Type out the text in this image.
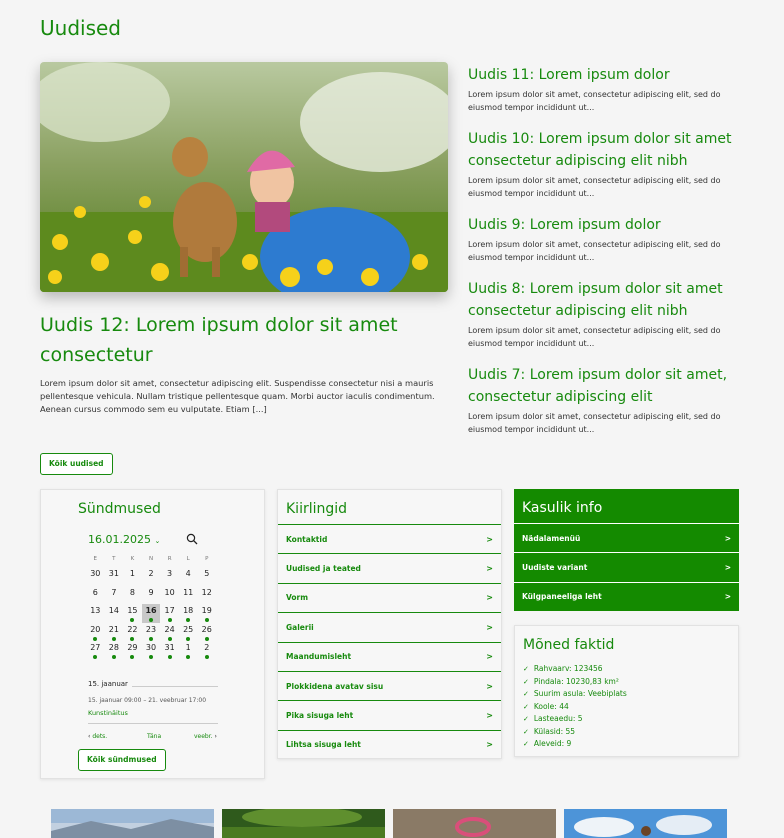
Uudised
Uudis 12: Lorem ipsum dolor sit amet consectetur
Lorem ipsum dolor sit amet, consectetur adipiscing elit. Suspendisse consectetur nisi a mauris pellentesque vehicula. Nullam tristique pellentesque quam. Morbi auctor iaculis condimentum. Aenean cursus commodo sem eu vulputate. Etiam [...]
Uudis 11: Lorem ipsum dolor
Lorem ipsum dolor sit amet, consectetur adipiscing elit, sed do eiusmod tempor incididunt ut...
Uudis 10: Lorem ipsum dolor sit amet consectetur adipiscing elit nibh
Lorem ipsum dolor sit amet, consectetur adipiscing elit, sed do eiusmod tempor incididunt ut...
Uudis 9: Lorem ipsum dolor
Lorem ipsum dolor sit amet, consectetur adipiscing elit, sed do eiusmod tempor incididunt ut...
Uudis 8: Lorem ipsum dolor sit amet consectetur adipiscing elit nibh
Lorem ipsum dolor sit amet, consectetur adipiscing elit, sed do eiusmod tempor incididunt ut...
Uudis 7: Lorem ipsum dolor sit amet, consectetur adipiscing elit
Lorem ipsum dolor sit amet, consectetur adipiscing elit, sed do eiusmod tempor incididunt ut...
Kõik uudised
Sündmused
16.01.2025 ⌄
E	T	K	N	R	L	P
30	31	1	2	3	4	5
6	7	8	9	10	11	12
13	14	15 16 17	18	19
20	21	22	23	24	25	26
27	28	29	30	31	1	2
15. jaanuar
15. jaanuar 09:00 – 21. veebruar 17:00
Kunstinäitus
‹ dets.	Täna	veebr. ›
Kõik sündmused
Kiirlingid
Kontaktid	>
Uudised ja teated	>
Vorm	>
Galerii	>
Maandumisleht	>
Plokkidena avatav sisu	>
Pika sisuga leht	>
Lihtsa sisuga leht	>
Kasulik info
Nädalamenüü	>
Uudiste variant	>
Külgpaneeliga leht	>
Mõned faktid
✓ Rahvaarv: 123456
✓ Pindala: 10230,83 km²
✓ Suurim asula: Veebiplats
✓ Koole: 44
✓ Lasteaedu: 5
✓ Külasid: 55
✓ Aleveid: 9
